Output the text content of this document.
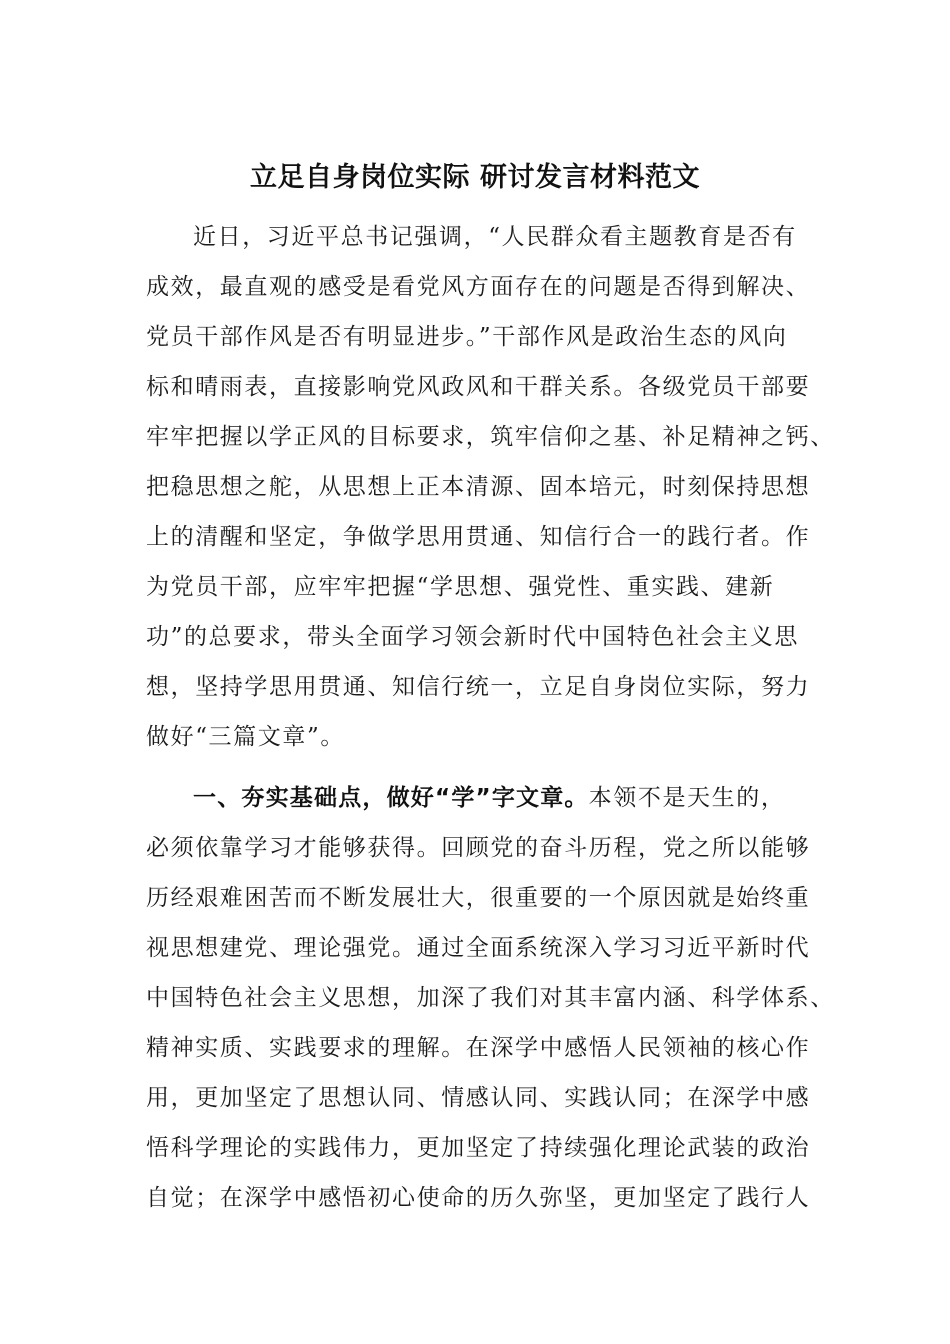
立足自身岗位实际 研讨发言材料范文
近日，习近平总书记强调，“人民群众看主题教育是否有
成效，最直观的感受是看党风方面存在的问题是否得到解决、
党员干部作风是否有明显进步。”干部作风是政治生态的风向
标和晴雨表，直接影响党风政风和干群关系。各级党员干部要
牢牢把握以学正风的目标要求，筑牢信仰之基、补足精神之钙、
把稳思想之舵，从思想上正本清源、固本培元，时刻保持思想
上的清醒和坚定，争做学思用贯通、知信行合一的践行者。作
为党员干部，应牢牢把握“学思想、强党性、重实践、建新
功”的总要求，带头全面学习领会新时代中国特色社会主义思
想，坚持学思用贯通、知信行统一，立足自身岗位实际，努力
做好“三篇文章”。
一、夯实基础点，做好“学”字文章。本领不是天生的，
必须依靠学习才能够获得。回顾党的奋斗历程，党之所以能够
历经艰难困苦而不断发展壮大，很重要的一个原因就是始终重
视思想建党、理论强党。通过全面系统深入学习习近平新时代
中国特色社会主义思想，加深了我们对其丰富内涵、科学体系、
精神实质、实践要求的理解。在深学中感悟人民领袖的核心作
用，更加坚定了思想认同、情感认同、实践认同；在深学中感
悟科学理论的实践伟力，更加坚定了持续强化理论武装的政治
自觉；在深学中感悟初心使命的历久弥坚，更加坚定了践行人
